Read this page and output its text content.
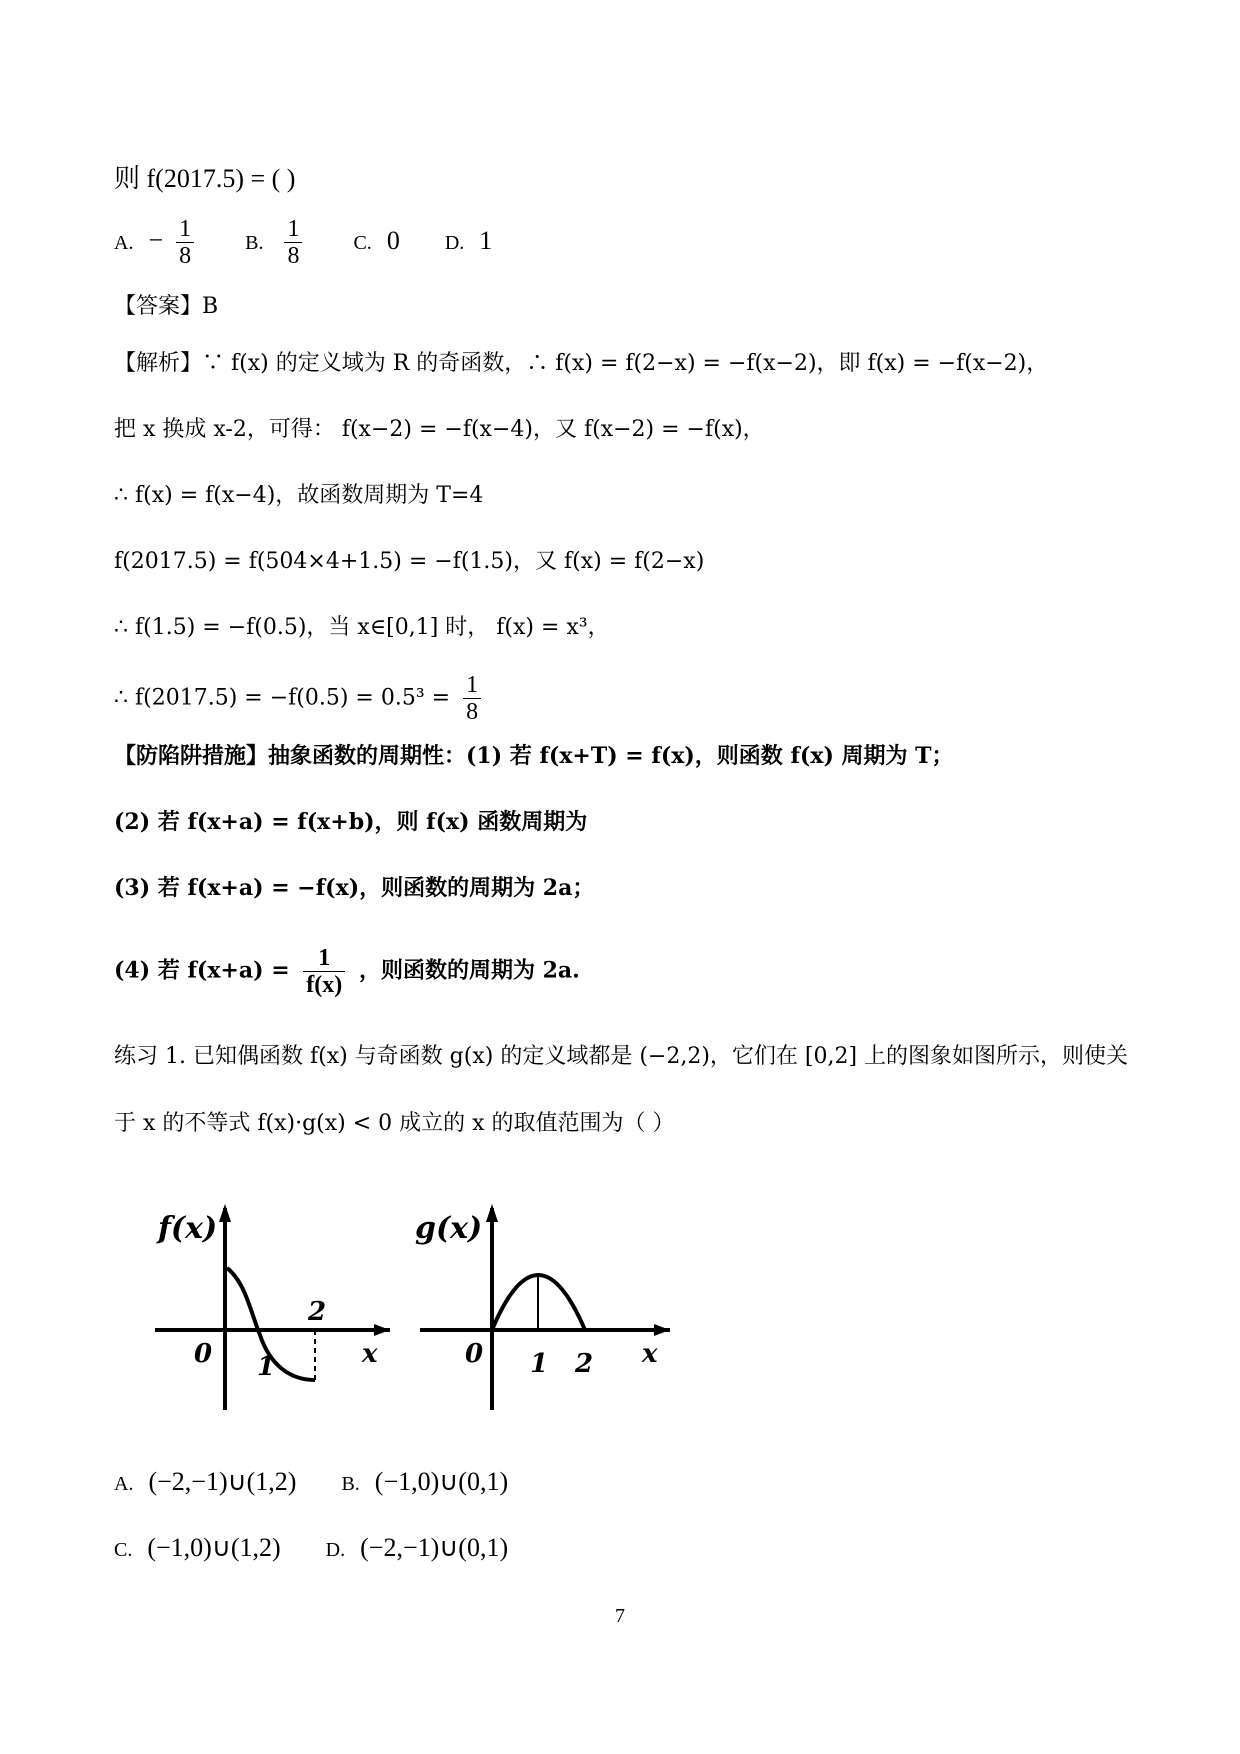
则 f(2017.5) = ( )
A. − $\frac{1}{8}$	B. $\frac{1}{8}$	C. 0 D. 1
【答案】B
【解析】∵ f(x) 的定义域为 R 的奇函数，∴ f(x) = f(2−x) = −f(x−2)，即 f(x) = −f(x−2)，
把 x 换成 x-2，可得： f(x−2) = −f(x−4)，又 f(x−2) = −f(x)，
∴ f(x) = f(x−4)，故函数周期为 T=4
f(2017.5) = f(504×4+1.5) = −f(1.5)，又 f(x) = f(2−x)
∴ f(1.5) = −f(0.5)，当 x∈[0,1] 时， f(x) = x³，
∴ $f(2017.5) = -f(0.5) = 0.5^3 = \frac{1}{8}$
【防陷阱措施】抽象函数的周期性：(1) 若 f(x+T) = f(x)，则函数 f(x) 周期为 T；
(2) 若 f(x+a) = f(x+b)，则 f(x) 函数周期为
(3) 若 f(x+a) = −f(x)，则函数的周期为 2a；
(4) 若 $f(x+a) = \frac{1}{f(x)}$ ，则函数的周期为 2a.
练习 1. 已知偶函数 f(x) 与奇函数 g(x) 的定义域都是 (−2,2)，它们在 [0,2] 上的图象如图所示，则使关
于 x 的不等式 f(x)·g(x) < 0 成立的 x 的取值范围为（ ）
f(x)
0 1
2
x
g(x)
0 1 2 x
A. (−2,−1)∪(1,2) B. (−1,0)∪(0,1)
C. (−1,0)∪(1,2) D. (−2,−1)∪(0,1)
7
